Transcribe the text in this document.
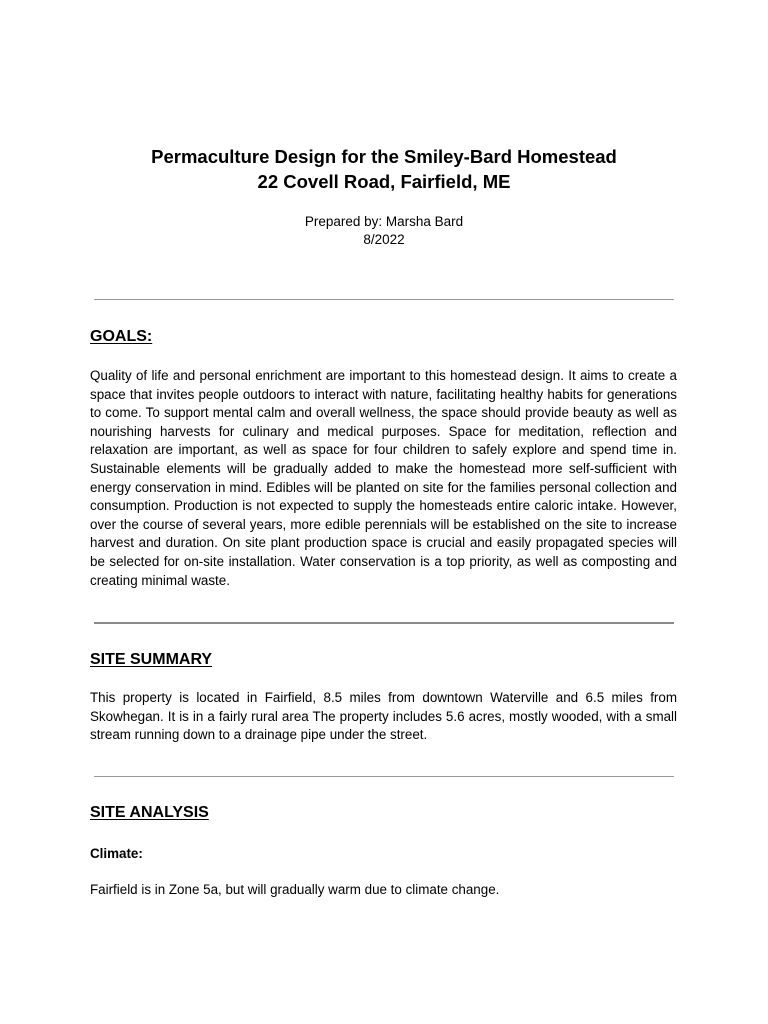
Permaculture Design for the Smiley-Bard Homestead
22 Covell Road, Fairfield, ME
Prepared by: Marsha Bard
8/2022
GOALS:

Quality of life and personal enrichment are important to this homestead design. It aims to create a space that invites people outdoors to interact with nature, facilitating healthy habits for generations to come. To support mental calm and overall wellness, the space should provide beauty as well as nourishing harvests for culinary and medical purposes. Space for meditation, reflection and relaxation are important, as well as space for four children to safely explore and spend time in. Sustainable elements will be gradually added to make the homestead more self-sufficient with energy conservation in mind. Edibles will be planted on site for the families personal collection and consumption. Production is not expected to supply the homesteads entire caloric intake. However, over the course of several years, more edible perennials will be established on the site to increase harvest and duration. On site plant production space is crucial and easily propagated species will be selected for on-site installation. Water conservation is a top priority, as well as composting and creating minimal waste.

SITE SUMMARY

This property is located in Fairfield, 8.5 miles from downtown Waterville and 6.5 miles from Skowhegan. It is in a fairly rural area The property includes 5.6 acres, mostly wooded, with a small stream running down to a drainage pipe under the street.

SITE ANALYSIS
Climate:
Fairfield is in Zone 5a, but will gradually warm due to climate change.
